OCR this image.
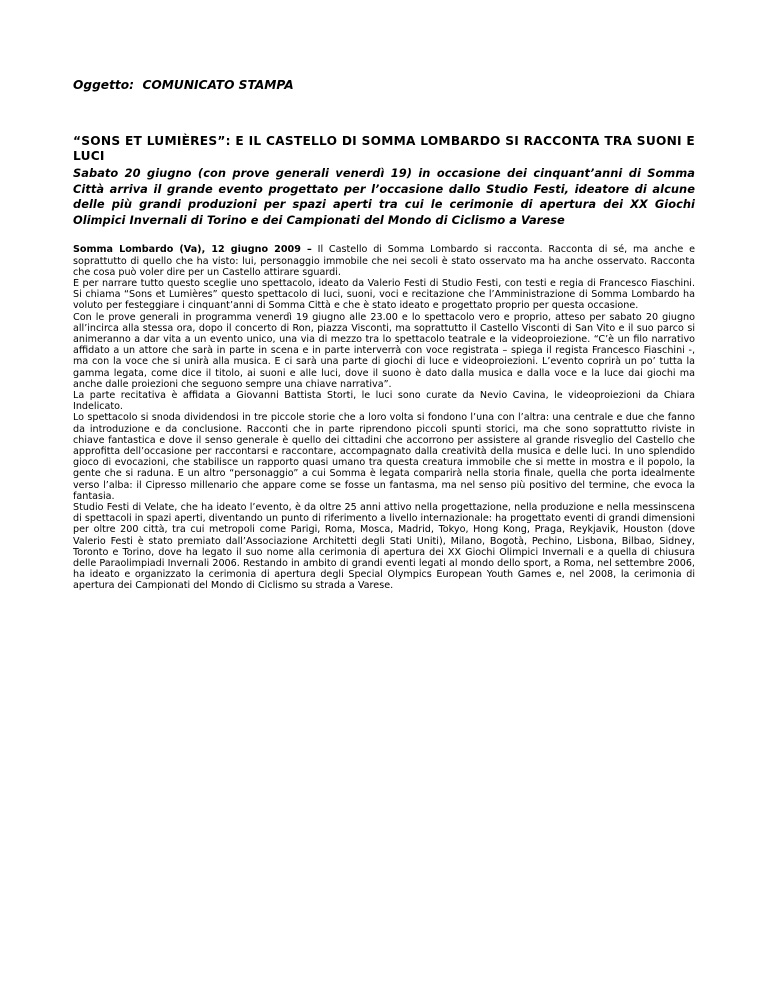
Oggetto: COMUNICATO STAMPA

“SONS ET LUMIÈRES”: E IL CASTELLO DI SOMMA LOMBARDO SI RACCONTA TRA SUONI E LUCI
Sabato 20 giugno (con prove generali venerdì 19) in occasione dei cinquant’anni di Somma Città arriva il grande evento progettato per l’occasione dallo Studio Festi, ideatore di alcune delle più grandi produzioni per spazi aperti tra cui le cerimonie di apertura dei XX Giochi Olimpici Invernali di Torino e dei Campionati del Mondo di Ciclismo a Varese

Somma Lombardo (Va), 12 giugno 2009 – Il Castello di Somma Lombardo si racconta. Racconta di sé, ma anche e soprattutto di quello che ha visto: lui, personaggio immobile che nei secoli è stato osservato ma ha anche osservato. Racconta che cosa può voler dire per un Castello attirare sguardi.

E per narrare tutto questo sceglie uno spettacolo, ideato da Valerio Festi di Studio Festi, con testi e regia di Francesco Fiaschini. Si chiama “Sons et Lumières” questo spettacolo di luci, suoni, voci e recitazione che l’Amministrazione di Somma Lombardo ha voluto per festeggiare i cinquant’anni di Somma Città e che è stato ideato e progettato proprio per questa occasione.

Con le prove generali in programma venerdì 19 giugno alle 23.00 e lo spettacolo vero e proprio, atteso per sabato 20 giugno all’incirca alla stessa ora, dopo il concerto di Ron, piazza Visconti, ma soprattutto il Castello Visconti di San Vito e il suo parco si animeranno a dar vita a un evento unico, una via di mezzo tra lo spettacolo teatrale e la videoproiezione. “C’è un filo narrativo affidato a un attore che sarà in parte in scena e in parte interverrà con voce registrata – spiega il regista Francesco Fiaschini -, ma con la voce che si unirà alla musica. E ci sarà una parte di giochi di luce e videoproiezioni. L’evento coprirà un po’ tutta la gamma legata, come dice il titolo, ai suoni e alle luci, dove il suono è dato dalla musica e dalla voce e la luce dai giochi ma anche dalle proiezioni che seguono sempre una chiave narrativa”.

La parte recitativa è affidata a Giovanni Battista Storti, le luci sono curate da Nevio Cavina, le videoproiezioni da Chiara Indelicato.

Lo spettacolo si snoda dividendosi in tre piccole storie che a loro volta si fondono l’una con l’altra: una centrale e due che fanno da introduzione e da conclusione. Racconti che in parte riprendono piccoli spunti storici, ma che sono soprattutto riviste in chiave fantastica e dove il senso generale è quello dei cittadini che accorrono per assistere al grande risveglio del Castello che approfitta dell’occasione per raccontarsi e raccontare, accompagnato dalla creatività della musica e delle luci. In uno splendido gioco di evocazioni, che stabilisce un rapporto quasi umano tra questa creatura immobile che si mette in mostra e il popolo, la gente che si raduna. E un altro “personaggio” a cui Somma è legata comparirà nella storia finale, quella che porta idealmente verso l’alba: il Cipresso millenario che appare come se fosse un fantasma, ma nel senso più positivo del termine, che evoca la fantasia.

Studio Festi di Velate, che ha ideato l’evento, è da oltre 25 anni attivo nella progettazione, nella produzione e nella messinscena di spettacoli in spazi aperti, diventando un punto di riferimento a livello internazionale: ha progettato eventi di grandi dimensioni per oltre 200 città, tra cui metropoli come Parigi, Roma, Mosca, Madrid, Tokyo, Hong Kong, Praga, Reykjavik, Houston (dove Valerio Festi è stato premiato dall’Associazione Architetti degli Stati Uniti), Milano, Bogotà, Pechino, Lisbona, Bilbao, Sidney, Toronto e Torino, dove ha legato il suo nome alla cerimonia di apertura dei XX Giochi Olimpici Invernali e a quella di chiusura delle Paraolimpiadi Invernali 2006. Restando in ambito di grandi eventi legati al mondo dello sport, a Roma, nel settembre 2006, ha ideato e organizzato la cerimonia di apertura degli Special Olympics European Youth Games e, nel 2008, la cerimonia di apertura dei Campionati del Mondo di Ciclismo su strada a Varese.
